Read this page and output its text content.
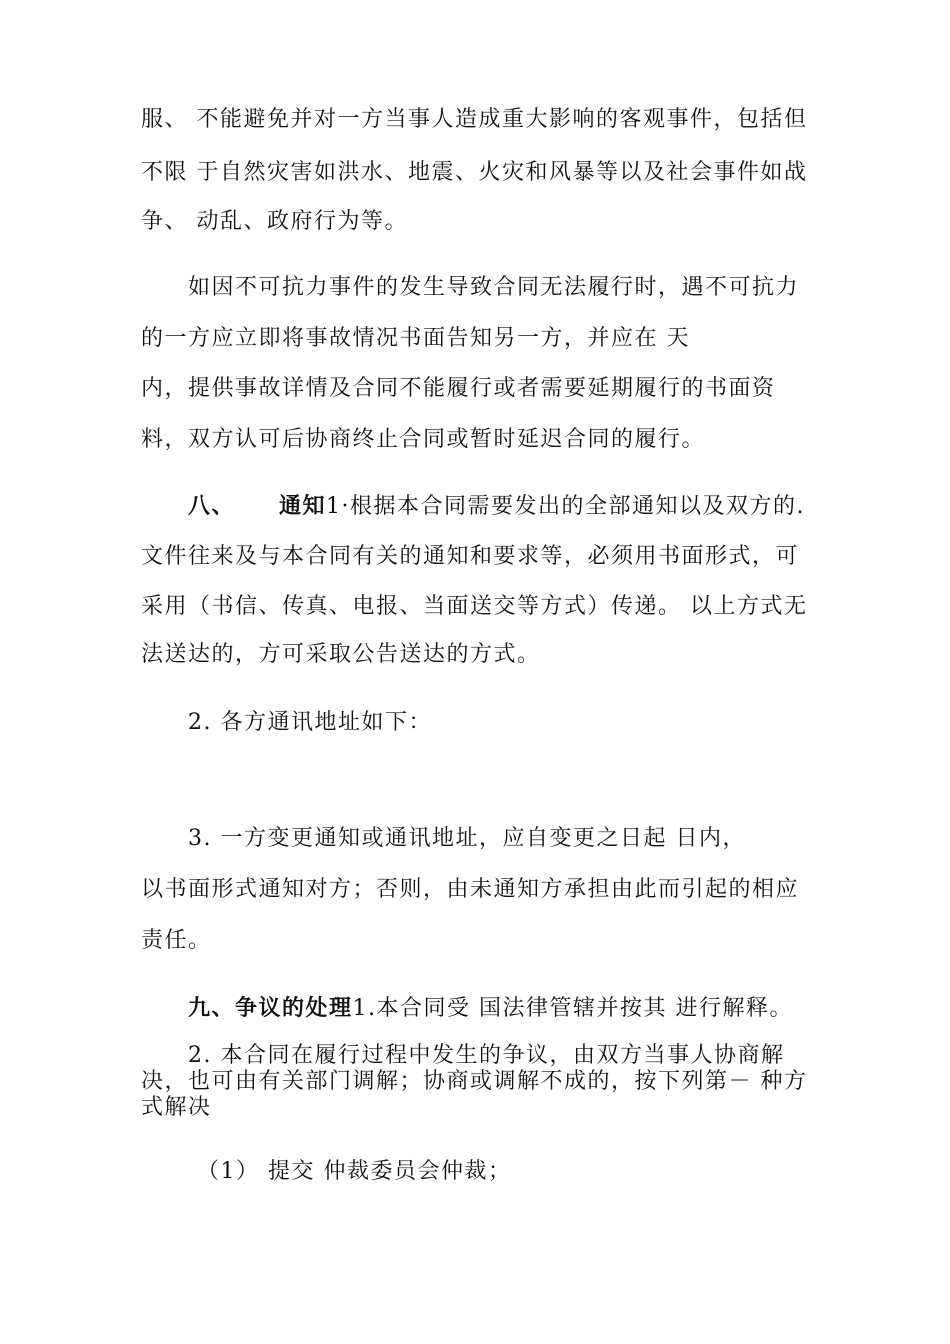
服、 不能避免并对一方当事人造成重大影响的客观事件，包括但
不限 于自然灾害如洪水、地震、火灾和风暴等以及社会事件如战
争、 动乱、政府行为等。
如因不可抗力事件的发生导致合同无法履行时，遇不可抗力
的一方应立即将事故情况书面告知另一方，并应在 天
内，提供事故详情及合同不能履行或者需要延期履行的书面资
料，双方认可后协商终止合同或暂时延迟合同的履行。
八、 通知1·根据本合同需要发出的全部通知以及双方的.
文件往来及与本合同有关的通知和要求等，必须用书面形式，可
采用（书信、传真、电报、当面送交等方式）传递。 以上方式无
法送达的，方可采取公告送达的方式。
2. 各方通讯地址如下：
3. 一方变更通知或通讯地址，应自变更之日起 日内，
以书面形式通知对方；否则，由未通知方承担由此而引起的相应
责任。
九、争议的处理1.本合同受 国法律管辖并按其 进行解释。
2. 本合同在履行过程中发生的争议，由双方当事人协商解
决，也可由有关部门调解；协商或调解不成的，按下列第－ 种方
式解决
（1） 提交 仲裁委员会仲裁；
